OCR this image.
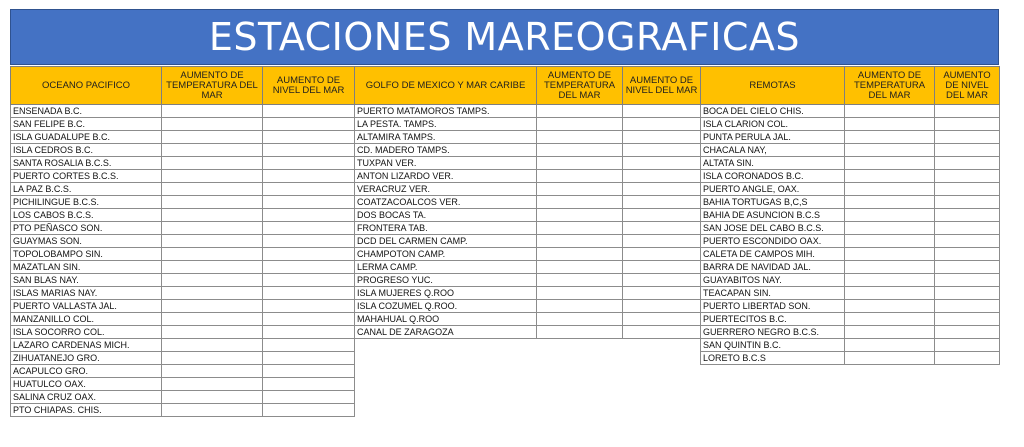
ESTACIONES MAREOGRAFICAS
OCEANO PACIFICO	AUMENTO DE TEMPERATURA DEL MAR	AUMENTO DE NIVEL DEL MAR
ENSENADA B.C.		
SAN FELIPE B.C.		
ISLA GUADALUPE B.C.		
ISLA CEDROS B.C.		
SANTA ROSALIA B.C.S.		
PUERTO CORTES B.C.S.		
LA PAZ B.C.S.		
PICHILINGUE B.C.S.		
LOS CABOS B.C.S.		
PTO PEÑASCO SON.		
GUAYMAS SON.		
TOPOLOBAMPO SIN.		
MAZATLAN SIN.		
SAN BLAS NAY.		
ISLAS MARIAS NAY.		
PUERTO VALLASTA JAL.		
MANZANILLO COL.		
ISLA SOCORRO COL.		
LAZARO CARDENAS MICH.		
ZIHUATANEJO GRO.		
ACAPULCO GRO.		
HUATULCO OAX.		
SALINA CRUZ OAX.		
PTO CHIAPAS. CHIS.		
GOLFO DE MEXICO Y MAR CARIBE	AUMENTO DE TEMPERATURA DEL MAR	AUMENTO DE NIVEL DEL MAR
PUERTO MATAMOROS TAMPS.		
LA PESTA. TAMPS.		
ALTAMIRA TAMPS.		
CD. MADERO TAMPS.		
TUXPAN VER.		
ANTON LIZARDO VER.		
VERACRUZ VER.		
COATZACOALCOS VER.		
DOS BOCAS TA.		
FRONTERA TAB.		
DCD DEL CARMEN CAMP.		
CHAMPOTON CAMP.		
LERMA CAMP.		
PROGRESO YUC.		
ISLA MUJERES Q.ROO		
ISLA COZUMEL Q.ROO.		
MAHAHUAL Q.ROO		
CANAL DE ZARAGOZA		
REMOTAS	AUMENTO DE TEMPERATURA DEL MAR	AUMENTO DE NIVEL DEL MAR
BOCA DEL CIELO CHIS.		
ISLA CLARION COL.		
PUNTA PERULA JAL.		
CHACALA NAY,		
ALTATA SIN.		
ISLA CORONADOS B.C.		
PUERTO ANGLE, OAX.		
BAHIA TORTUGAS B,C,S		
BAHIA DE ASUNCION B.C.S		
SAN JOSE DEL CABO B.C.S.		
PUERTO ESCONDIDO OAX.		
CALETA DE CAMPOS MIH.		
BARRA DE NAVIDAD JAL.		
GUAYABITOS NAY.		
TEACAPAN SIN.		
PUERTO LIBERTAD SON.		
PUERTECITOS B.C.		
GUERRERO NEGRO B.C.S.		
SAN QUINTIN B.C.		
LORETO B.C.S		
